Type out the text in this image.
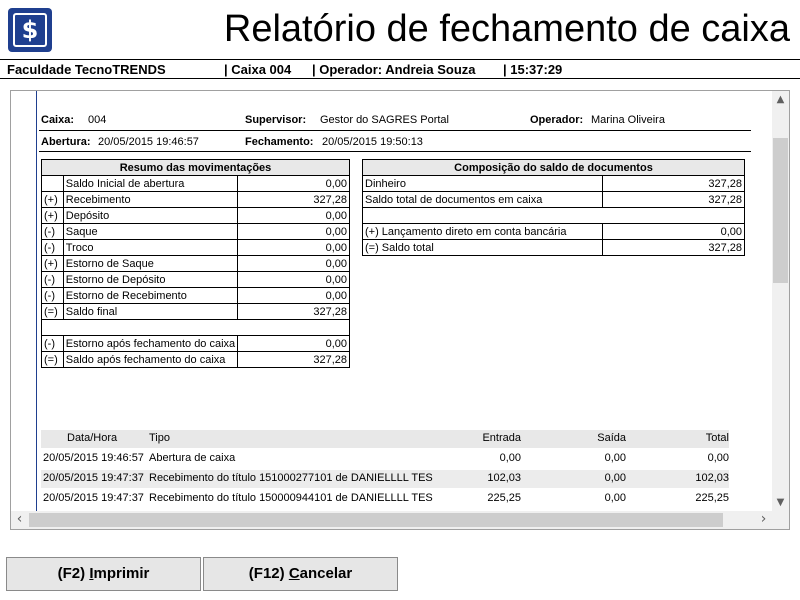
$	Relatório de fechamento de caixa
Faculdade TecnoTRENDS	| Caixa 004 | Operador: Andreia Souza | 15:37:29
Caixa: 004	Supervisor: Gestor do SAGRES Portal	Operador: Marina Oliveira
Abertura: 20/05/2015 19:46:57	Fechamento: 20/05/2015 19:50:13
Resumo das movimentações		
	Saldo Inicial de abertura	0,00
(+)	Recebimento	327,28
(+)	Depósito	0,00
(-)	Saque	0,00
(-)	Troco	0,00
(+)	Estorno de Saque	0,00
(-)	Estorno de Depósito	0,00
(-)	Estorno de Recebimento	0,00
(=)	Saldo final	327,28

(-)	Estorno após fechamento do caixa	0,00
(=)	Saldo após fechamento do caixa	327,28
Composição do saldo de documentos	
Dinheiro	327,28
Saldo total de documentos em caixa	327,28

(+) Lançamento direto em conta bancária	0,00
(=) Saldo total	327,28
Data/Hora	Tipo	Entrada	Saída	Total
20/05/2015 19:46:57 Abertura de caixa	0,00	0,00	0,00
20/05/2015 19:47:37 Recebimento do título 151000277101 de DANIELLLL TES	102,03	0,00	102,03
20/05/2015 19:47:37 Recebimento do título 150000944101 de DANIELLLL TES	225,25	0,00	225,25
▲
▼
‹	›
(F2) Imprimir	(F12) Cancelar
